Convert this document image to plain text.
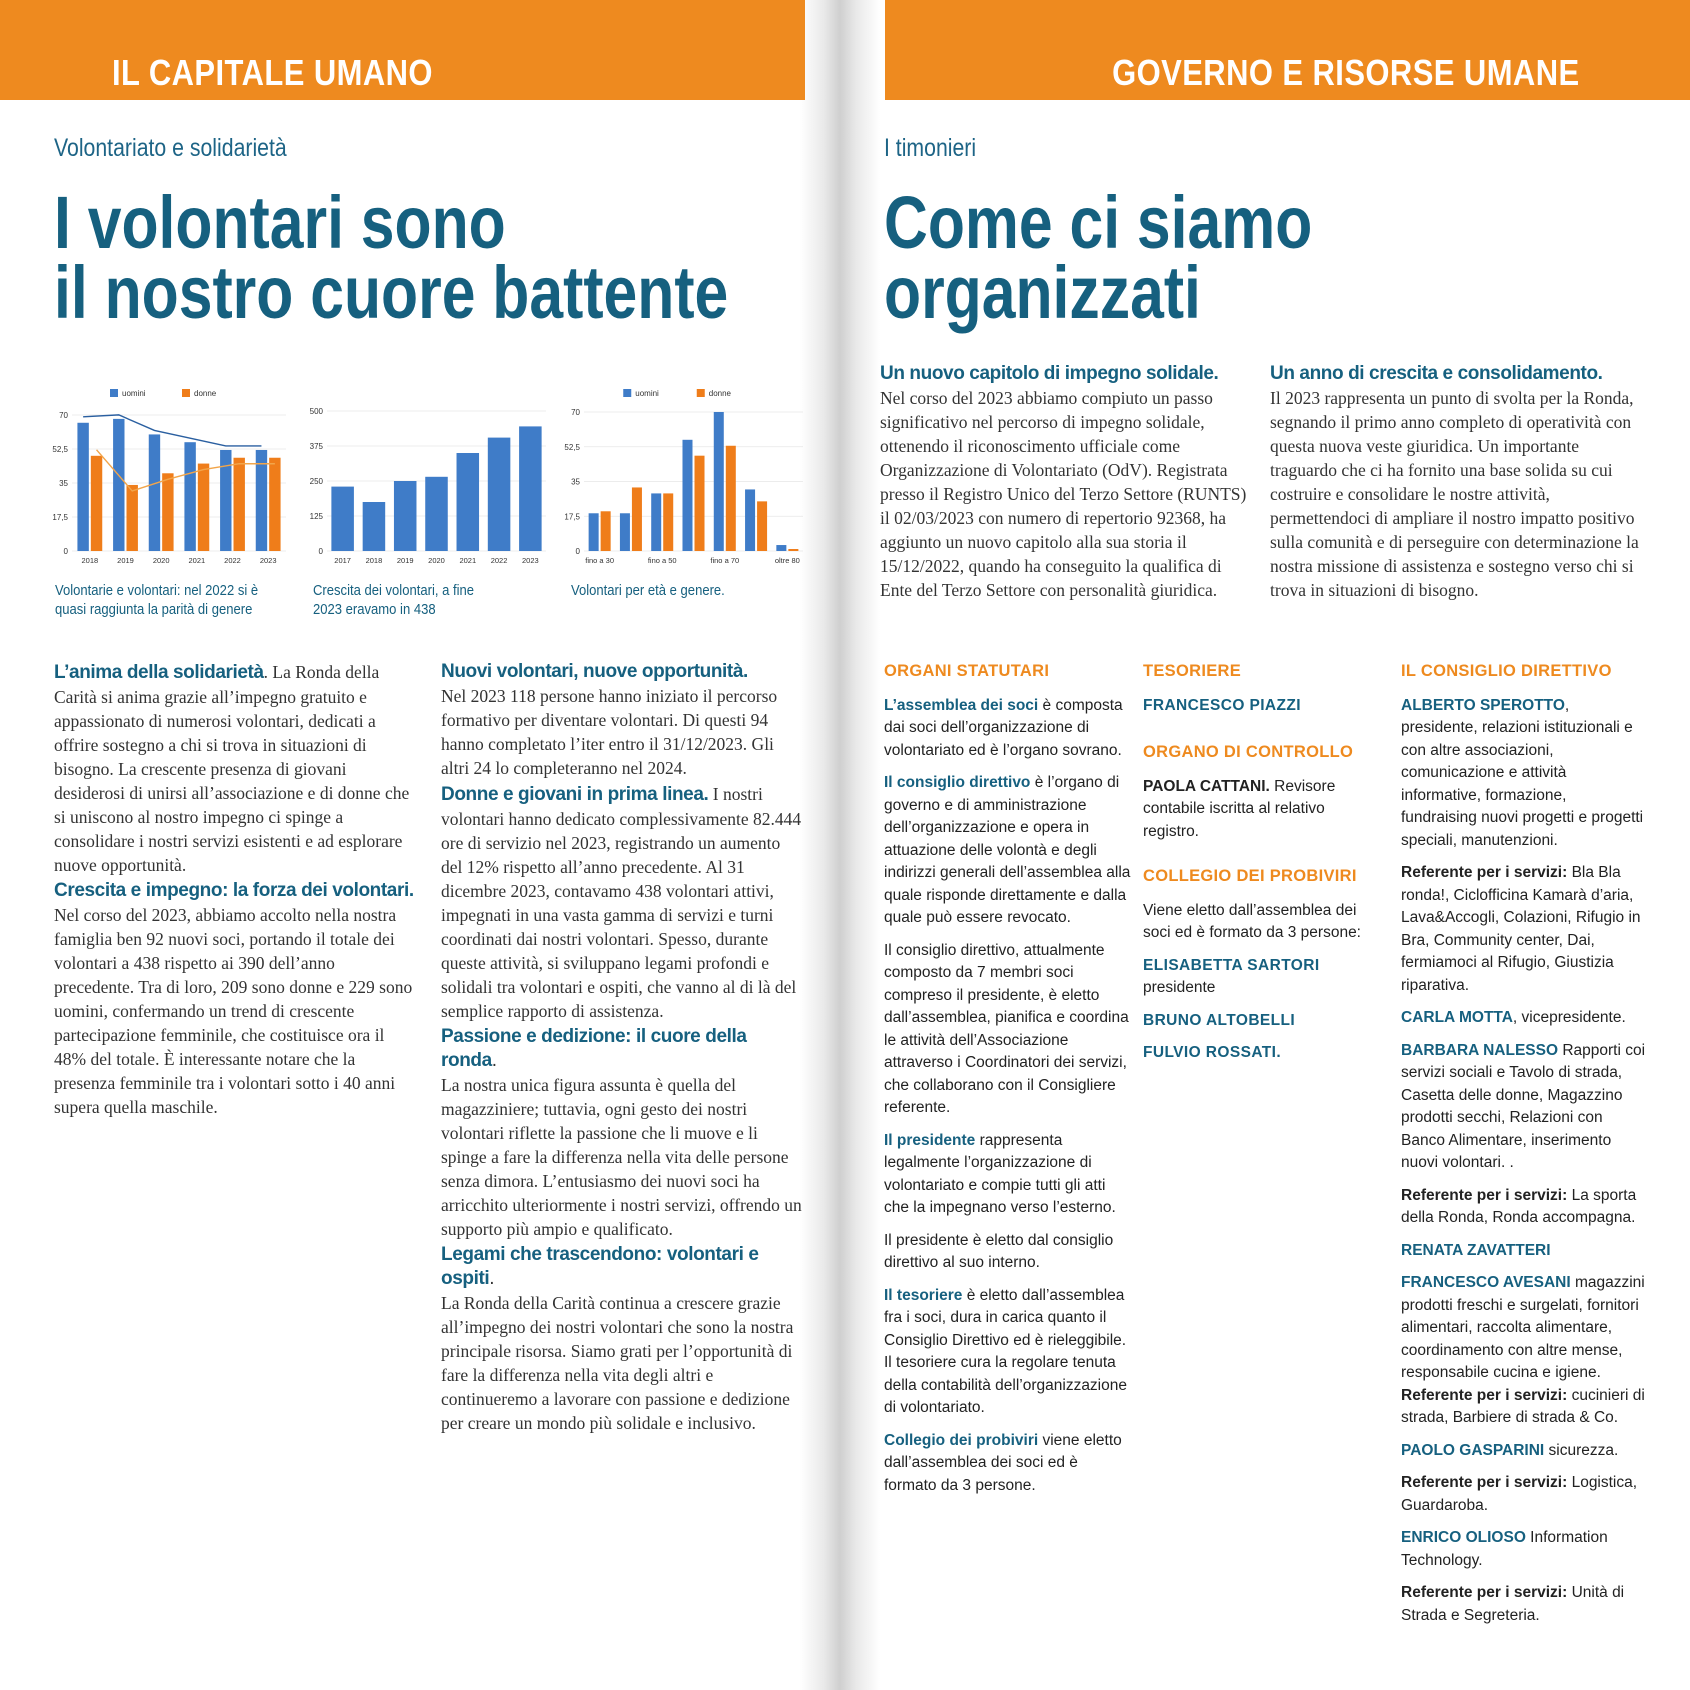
IL CAPITALE UMANO	GOVERNO E RISORSE UMANE
Volontariato e solidarietà
I volontari sono
il nostro cuore battente
0
17,5
35
52,5
70
2018	2019	2020	2021	2022	2023
uomini	donne
0
125
250
375
500
2017 2018 2019 2020 2021 2022 2023
0
17,5
35
52,5
70
fino a 30	fino a 50	fino a 70	oltre 80
uomini	donne
Volontarie e volontari: nel 2022 si è quasi raggiunta la parità di genere
Crescita dei volontari, a fine 2023 eravamo in 438
Volontari per età e genere.

L’anima della solidarietà. La Ronda della Carità si anima grazie all’impegno gratuito e appassionato di numerosi volontari, dedicati a offrire sostegno a chi si trova in situazioni di bisogno. La crescente presenza di giovani desiderosi di unirsi all’associazione e di donne che si uniscono al nostro impegno ci spinge a consolidare i nostri servizi esistenti e ad esplorare nuove opportunità.

Crescita e impegno: la forza dei volontari.

Nel corso del 2023, abbiamo accolto nella nostra famiglia ben 92 nuovi soci, portando il totale dei volontari a 438 rispetto ai 390 dell’anno precedente. Tra di loro, 209 sono donne e 229 sono uomini, confermando un trend di crescente partecipazione femminile, che costituisce ora il 48% del totale. È interessante notare che la presenza femminile tra i volontari sotto i 40 anni supera quella maschile.

Nuovi volontari, nuove opportunità.

Nel 2023 118 persone hanno iniziato il percorso formativo per diventare volontari. Di questi 94 hanno completato l’iter entro il 31/12/2023. Gli altri 24 lo completeranno nel 2024.

Donne e giovani in prima linea. I nostri volontari hanno dedicato complessivamente 82.444 ore di servizio nel 2023, registrando un aumento del 12% rispetto all’anno precedente. Al 31 dicembre 2023, contavamo 438 volontari attivi, impegnati in una vasta gamma di servizi e turni coordinati dai nostri volontari. Spesso, durante queste attività, si sviluppano legami profondi e solidali tra volontari e ospiti, che vanno al di là del semplice rapporto di assistenza.

Passione e dedizione: il cuore della ronda.

La nostra unica figura assunta è quella del magazziniere; tuttavia, ogni gesto dei nostri volontari riflette la passione che li muove e li spinge a fare la differenza nella vita delle persone senza dimora. L’entusiasmo dei nuovi soci ha arricchito ulteriormente i nostri servizi, offrendo un supporto più ampio e qualificato.

Legami che trascendono: volontari e ospiti.

La Ronda della Carità continua a crescere grazie all’impegno dei nostri volontari che sono la nostra principale risorsa. Siamo grati per l’opportunità di fare la differenza nella vita degli altri e continueremo a lavorare con passione e dedizione per creare un mondo più solidale e inclusivo.

I timonieri
Come ci siamo
organizzati
Un nuovo capitolo di impegno solidale.

Nel corso del 2023 abbiamo compiuto un passo significativo nel percorso di impegno solidale, ottenendo il riconoscimento ufficiale come Organizzazione di Volontariato (OdV). Registrata presso il Registro Unico del Terzo Settore (RUNTS) il 02/03/2023 con numero di repertorio 92368, ha aggiunto un nuovo capitolo alla sua storia il 15/12/2022, quando ha conseguito la qualifica di Ente del Terzo Settore con personalità giuridica.

Un anno di crescita e consolidamento.

Il 2023 rappresenta un punto di svolta per la Ronda, segnando il primo anno completo di operatività con questa nuova veste giuridica. Un importante traguardo che ci ha fornito una base solida su cui costruire e consolidare le nostre attività, permettendoci di ampliare il nostro impatto positivo sulla comunità e di perseguire con determinazione la nostra missione di assistenza e sostegno verso chi si trova in situazioni di bisogno.

ORGANI STATUTARI
L’assemblea dei soci è composta dai soci dell’organizzazione di volontariato ed è l’organo sovrano.
Il consiglio direttivo è l’organo di governo e di amministrazione dell’organizzazione e opera in attuazione delle volontà e degli indirizzi generali dell’assemblea alla quale risponde direttamente e dalla quale può essere revocato.
Il consiglio direttivo, attualmente composto da 7 membri soci compreso il presidente, è eletto dall’assemblea, pianifica e coordina le attività dell’Associazione attraverso i Coordinatori dei servizi, che collaborano con il Consigliere referente.
Il presidente rappresenta legalmente l’organizzazione di volontariato e compie tutti gli atti che la impegnano verso l’esterno.
Il presidente è eletto dal consiglio direttivo al suo interno.
Il tesoriere è eletto dall’assemblea fra i soci, dura in carica quanto il Consiglio Direttivo ed è rieleggibile. Il tesoriere cura la regolare tenuta della contabilità dell’organizzazione di volontariato.
Collegio dei probiviri viene eletto dall’assemblea dei soci ed è formato da 3 persone.
TESORIERE
FRANCESCO PIAZZI
ORGANO DI CONTROLLO
PAOLA CATTANI. Revisore contabile iscritta al relativo registro.
COLLEGIO DEI PROBIVIRI
Viene eletto dall’assemblea dei soci ed è formato da 3 persone:
ELISABETTA SARTORI
presidente
BRUNO ALTOBELLI
FULVIO ROSSATI.
IL CONSIGLIO DIRETTIVO
ALBERTO SPEROTTO, presidente, relazioni istituzionali e con altre associazioni, comunicazione e attività informative, formazione, fundraising nuovi progetti e progetti speciali, manutenzioni.
Referente per i servizi: Bla Bla ronda!, Ciclofficina Kamarà d’aria, Lava&Accogli, Colazioni, Rifugio in Bra, Community center, Dai, fermiamoci al Rifugio, Giustizia riparativa.
CARLA MOTTA, vicepresidente.
BARBARA NALESSO Rapporti coi servizi sociali e Tavolo di strada, Casetta delle donne, Magazzino prodotti secchi, Relazioni con Banco Alimentare, inserimento nuovi volontari. .
Referente per i servizi: La sporta della Ronda, Ronda accompagna.
RENATA ZAVATTERI
FRANCESCO AVESANI magazzini prodotti freschi e surgelati, fornitori alimentari, raccolta alimentare, coordinamento con altre mense, responsabile cucina e igiene.
Referente per i servizi: cucinieri di strada, Barbiere di strada & Co.
PAOLO GASPARINI sicurezza.
Referente per i servizi: Logistica, Guardaroba.
ENRICO OLIOSO Information Technology.
Referente per i servizi: Unità di Strada e Segreteria.
